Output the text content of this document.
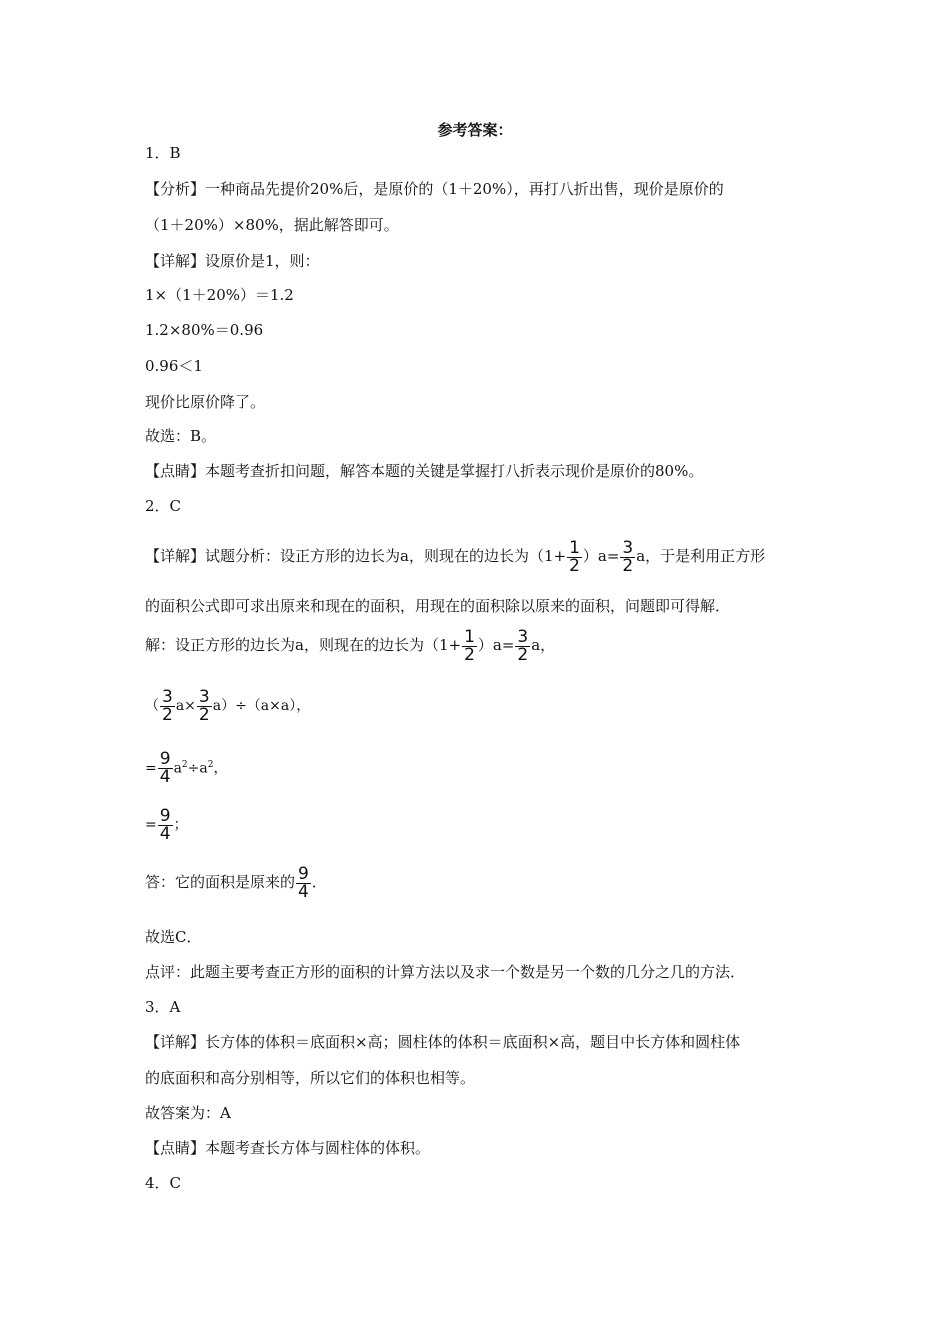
参考答案：
1．B
【分析】一种商品先提价20%后，是原价的（1＋20%），再打八折出售，现价是原价的
（1＋20%）×80%，据此解答即可。
【详解】设原价是1，则：
1×（1＋20%）＝1.2
1.2×80%＝0.96
0.96＜1
现价比原价降了。
故选：B。
【点睛】本题考查折扣问题，解答本题的关键是掌握打八折表示现价是原价的80%。
2．C
【详解】试题分析：设正方形的边长为a，则现在的边长为$(1+ \frac{1}{2} )a= \frac{3}{2}$ a，于是利用正方形
的面积公式即可求出原来和现在的面积，用现在的面积除以原来的面积，问题即可得解．
解：设正方形的边长为a，则现在的边长为$(1+ \frac{1}{2} )a= \frac{3}{2}$ a，
（ $\frac{3}{2} a\times \frac{3}{2} a)\div(a\times a)$，
= $\frac{9}{4} a^2\div a^2$，
= $\frac{9}{4}$ ；
答：它的面积是原来的 $\frac{9}{4}$ ．
故选C．
点评：此题主要考查正方形的面积的计算方法以及求一个数是另一个数的几分之几的方法．
3．A
【详解】长方体的体积＝底面积×高；圆柱体的体积＝底面积×高，题目中长方体和圆柱体
的底面积和高分别相等，所以它们的体积也相等。
故答案为：A
【点睛】本题考查长方体与圆柱体的体积。
4．C
